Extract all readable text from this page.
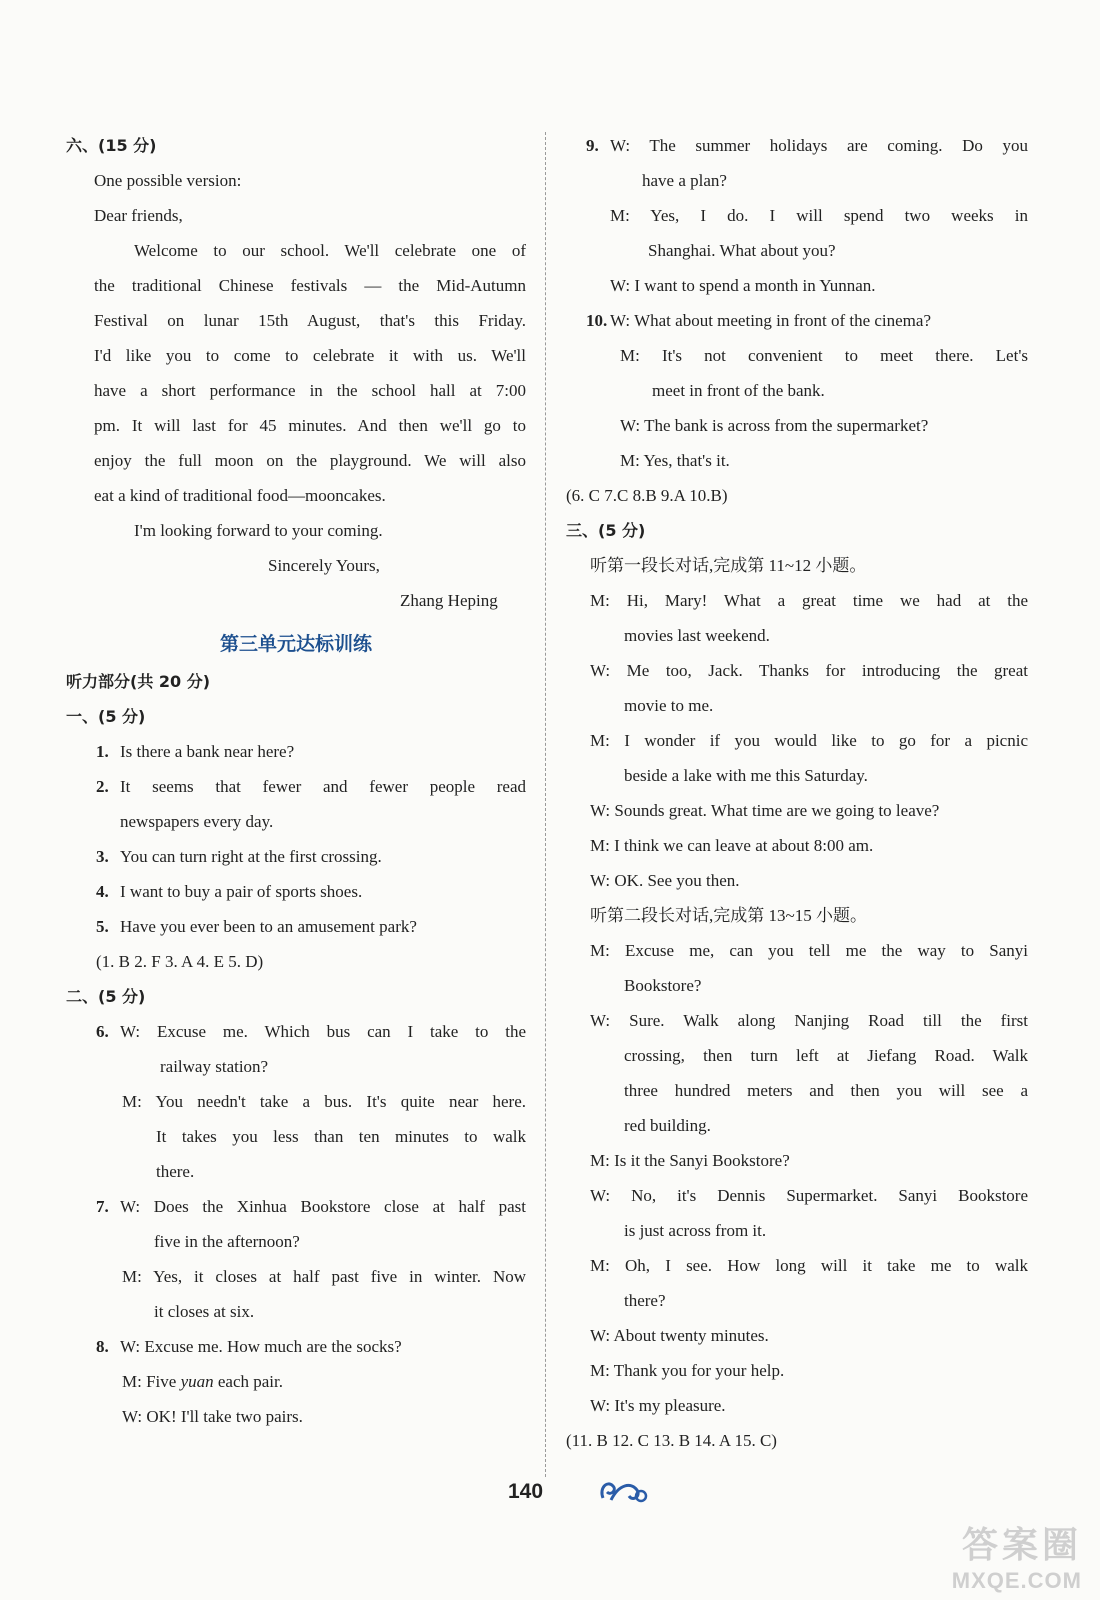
六、(15 分)
One possible version:
Dear friends,
Welcome to our school. We'll celebrate one of
the traditional Chinese festivals — the Mid-Autumn
Festival on lunar 15th August, that's this Friday.
I'd like you to come to celebrate it with us. We'll
have a short performance in the school hall at 7:00
pm. It will last for 45 minutes. And then we'll go to
enjoy the full moon on the playground. We will also
eat a kind of traditional food—mooncakes.
I'm looking forward to your coming.
Sincerely Yours,
Zhang Heping
第三单元达标训练
听力部分(共 20 分)
一、(5 分)
1. Is there a bank near here?
2. It seems that fewer and fewer people read
newspapers every day.
3. You can turn right at the first crossing.
4. I want to buy a pair of sports shoes.
5. Have you ever been to an amusement park?
(1. B 2. F 3. A 4. E 5. D)
二、(5 分)
6. W: Excuse me. Which bus can I take to the
railway station?
M: You needn't take a bus. It's quite near here.
It takes you less than ten minutes to walk
there.
7. W: Does the Xinhua Bookstore close at half past
five in the afternoon?
M: Yes, it closes at half past five in winter. Now
it closes at six.
8. W: Excuse me. How much are the socks?
M: Five yuan each pair.
W: OK! I'll take two pairs.
9. W: The summer holidays are coming. Do you
have a plan?
M: Yes, I do. I will spend two weeks in
Shanghai. What about you?
W: I want to spend a month in Yunnan.
10. W: What about meeting in front of the cinema?
M: It's not convenient to meet there. Let's
meet in front of the bank.
W: The bank is across from the supermarket?
M: Yes, that's it.
(6. C 7.C 8.B 9.A 10.B)
三、(5 分)
听第一段长对话,完成第 11~12 小题。
M: Hi, Mary! What a great time we had at the
movies last weekend.
W: Me too, Jack. Thanks for introducing the great
movie to me.
M: I wonder if you would like to go for a picnic
beside a lake with me this Saturday.
W: Sounds great. What time are we going to leave?
M: I think we can leave at about 8:00 am.
W: OK. See you then.
听第二段长对话,完成第 13~15 小题。
M: Excuse me, can you tell me the way to Sanyi
Bookstore?
W: Sure. Walk along Nanjing Road till the first
crossing, then turn left at Jiefang Road. Walk
three hundred meters and then you will see a
red building.
M: Is it the Sanyi Bookstore?
W: No, it's Dennis Supermarket. Sanyi Bookstore
is just across from it.
M: Oh, I see. How long will it take me to walk
there?
W: About twenty minutes.
M: Thank you for your help.
W: It's my pleasure.
(11. B 12. C 13. B 14. A 15. C)
140
答案圈
MXQE.COM
